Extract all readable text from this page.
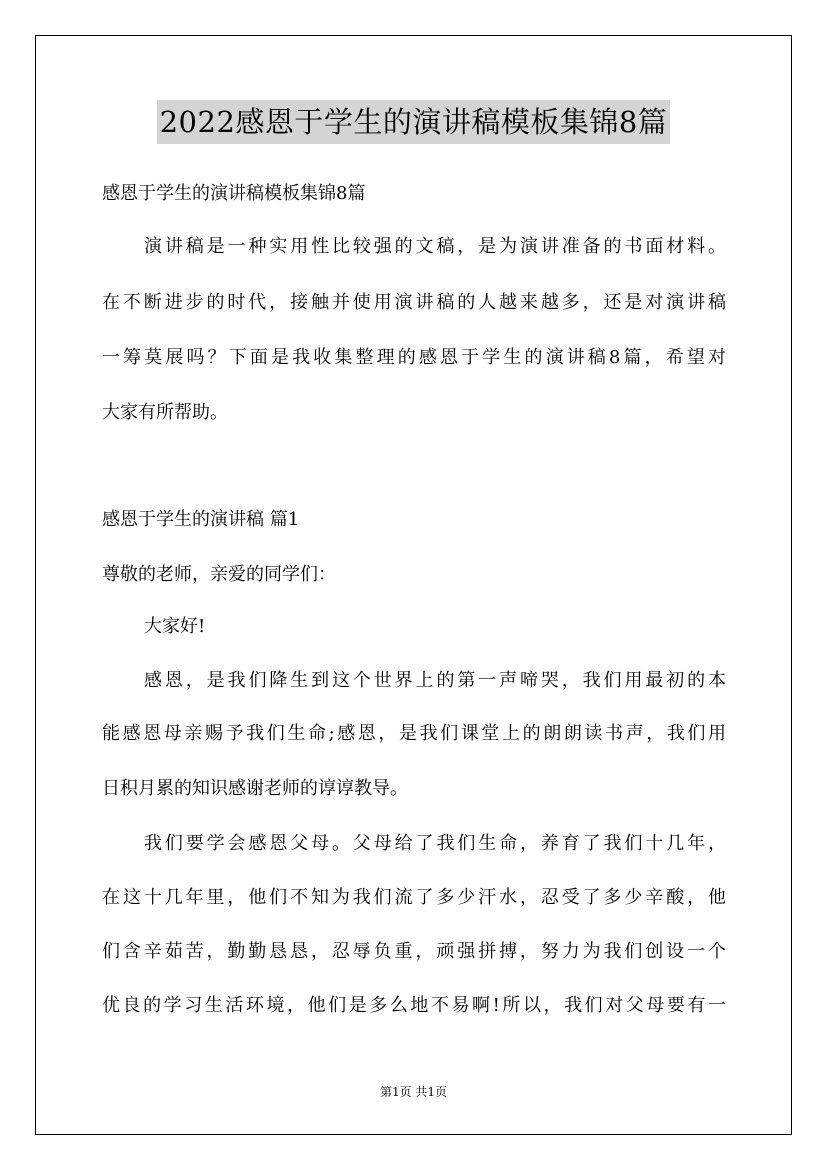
2022感恩于学生的演讲稿模板集锦8篇
感恩于学生的演讲稿模板集锦8篇
演讲稿是一种实用性比较强的文稿，是为演讲准备的书面材料。
在不断进步的时代，接触并使用演讲稿的人越来越多，还是对演讲稿
一筹莫展吗？下面是我收集整理的感恩于学生的演讲稿8篇，希望对
大家有所帮助。
感恩于学生的演讲稿 篇1
尊敬的老师，亲爱的同学们：
大家好!
感恩，是我们降生到这个世界上的第一声啼哭，我们用最初的本
能感恩母亲赐予我们生命;感恩，是我们课堂上的朗朗读书声，我们用
日积月累的知识感谢老师的谆谆教导。
我们要学会感恩父母。父母给了我们生命，养育了我们十几年，
在这十几年里，他们不知为我们流了多少汗水，忍受了多少辛酸，他
们含辛茹苦，勤勤恳恳，忍辱负重，顽强拼搏，努力为我们创设一个
优良的学习生活环境，他们是多么地不易啊!所以，我们对父母要有一
第1页 共1页
